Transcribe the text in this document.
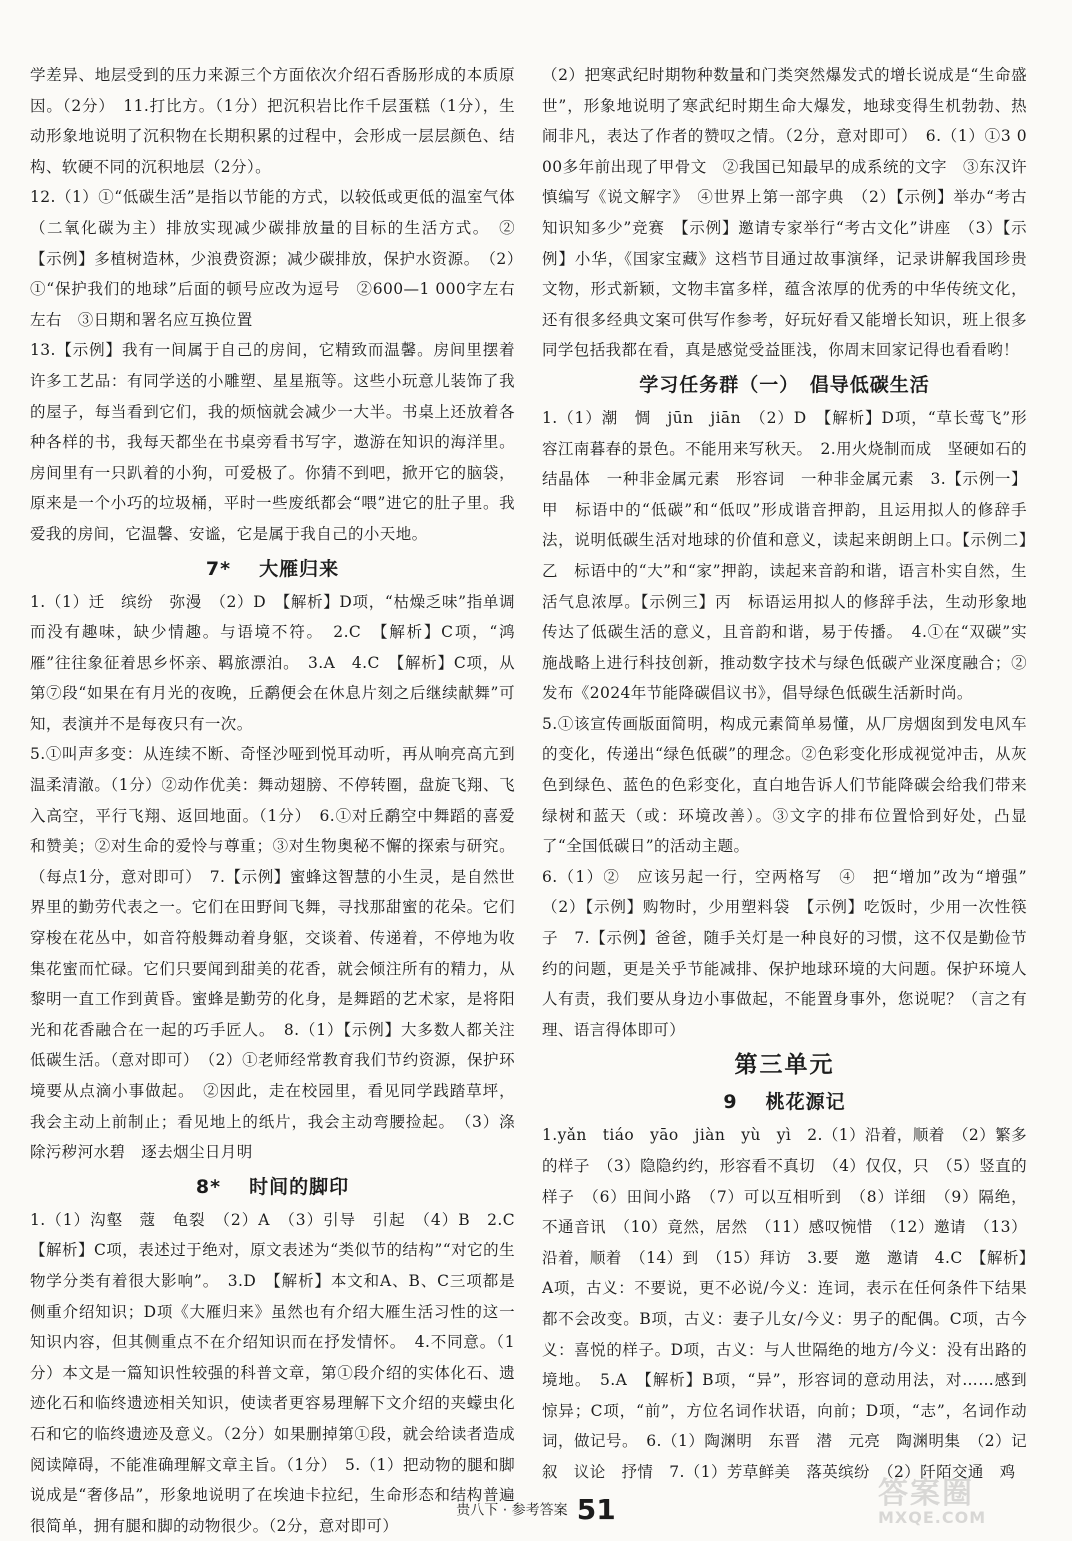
学差异、地层受到的压力来源三个方面依次介绍石香肠形成的本质原因。（2分）　11.打比方。（1分）把沉积岩比作千层蛋糕（1分），生动形象地说明了沉积物在长期积累的过程中，会形成一层层颜色、结构、软硬不同的沉积地层（2分）。

12.（1）①“低碳生活”是指以节能的方式，以较低或更低的温室气体（二氧化碳为主）排放实现减少碳排放量的目标的生活方式。　②【示例】多植树造林，少浪费资源；减少碳排放，保护水资源。　（2）①“保护我们的地球”后面的顿号应改为逗号　②600—1 000字左右　左右　③日期和署名应互换位置

13.【示例】我有一间属于自己的房间，它精致而温馨。房间里摆着许多工艺品：有同学送的小雕塑、星星瓶等。这些小玩意儿装饰了我的屋子，每当看到它们，我的烦恼就会减少一大半。书桌上还放着各种各样的书，我每天都坐在书桌旁看书写字，遨游在知识的海洋里。房间里有一只趴着的小狗，可爱极了。你猜不到吧，掀开它的脑袋，原来是一个小巧的垃圾桶，平时一些废纸都会“喂”进它的肚子里。我爱我的房间，它温馨、安谧，它是属于我自己的小天地。

7* 大雁归来

1.（1）迁　缤纷　弥漫　（2）D　【解析】D项，“枯燥乏味”指单调而没有趣味，缺少情趣。与语境不符。　2.C　【解析】C项，“鸿雁”往往象征着思乡怀亲、羁旅漂泊。　3.A　4.C　【解析】C项，从第⑦段“如果在有月光的夜晚，丘鹬便会在休息片刻之后继续献舞”可知，表演并不是每夜只有一次。

5.①叫声多变：从连续不断、奇怪沙哑到悦耳动听，再从响亮高亢到温柔清澈。（1分）②动作优美：舞动翅膀、不停转圈，盘旋飞翔、飞入高空，平行飞翔、返回地面。（1分）　6.①对丘鹬空中舞蹈的喜爱和赞美；②对生命的爱怜与尊重；③对生物奥秘不懈的探索与研究。（每点1分，意对即可）　7.【示例】蜜蜂这智慧的小生灵，是自然世界里的勤劳代表之一。它们在田野间飞舞，寻找那甜蜜的花朵。它们穿梭在花丛中，如音符般舞动着身躯，交谈着、传递着，不停地为收集花蜜而忙碌。它们只要闻到甜美的花香，就会倾注所有的精力，从黎明一直工作到黄昏。蜜蜂是勤劳的化身，是舞蹈的艺术家，是将阳光和花香融合在一起的巧手匠人。　8.（1）【示例】大多数人都关注低碳生活。（意对即可）　（2）①老师经常教育我们节约资源，保护环境要从点滴小事做起。　②因此，走在校园里，看见同学践踏草坪，我会主动上前制止；看见地上的纸片，我会主动弯腰捡起。　（3）涤除污秽河水碧　逐去烟尘日月明

8* 时间的脚印

1.（1）沟壑　蔻　龟裂　（2）A　（3）引导　引起　（4）B　2.C　【解析】C项，表述过于绝对，原文表述为“类似节的结构”“对它的生物学分类有着很大影响”。　3.D　【解析】本文和A、B、C三项都是侧重介绍知识；D项《大雁归来》虽然也有介绍大雁生活习性的这一知识内容，但其侧重点不在介绍知识而在抒发情怀。　4.不同意。（1分）本文是一篇知识性较强的科普文章，第①段介绍的实体化石、遗迹化石和临终遗迹相关知识，使读者更容易理解下文介绍的夹蠓虫化石和它的临终遗迹及意义。（2分）如果删掉第①段，就会给读者造成阅读障碍，不能准确理解文章主旨。（1分）　5.（1）把动物的腿和脚说成是“奢侈品”，形象地说明了在埃迪卡拉纪，生命形态和结构普遍很简单，拥有腿和脚的动物很少。（2分，意对即可）

（2）把寒武纪时期物种数量和门类突然爆发式的增长说成是“生命盛世”，形象地说明了寒武纪时期生命大爆发，地球变得生机勃勃、热闹非凡，表达了作者的赞叹之情。（2分，意对即可）　6.（1）①3 000多年前出现了甲骨文　②我国已知最早的成系统的文字　③东汉许慎编写《说文解字》　④世界上第一部字典　（2）【示例】举办“考古知识知多少”竞赛　【示例】邀请专家举行“考古文化”讲座　（3）【示例】小华，《国家宝藏》这档节目通过故事演绎，记录讲解我国珍贵文物，形式新颖，文物丰富多样，蕴含浓厚的优秀的中华传统文化，还有很多经典文案可供写作参考，好玩好看又能增长知识，班上很多同学包括我都在看，真是感觉受益匪浅，你周末回家记得也看看哟！

学习任务群（一）　倡导低碳生活

1.（1）潮　惆　jūn　jiān　（2）D　【解析】D项，“草长莺飞”形容江南暮春的景色。不能用来写秋天。　2.用火烧制而成　坚硬如石的结晶体　一种非金属元素　形容词　一种非金属元素　3.【示例一】甲　标语中的“低碳”和“低叹”形成谐音押韵，且运用拟人的修辞手法，说明低碳生活对地球的价值和意义，读起来朗朗上口。【示例二】乙　标语中的“大”和“家”押韵，读起来音韵和谐，语言朴实自然，生活气息浓厚。【示例三】丙　标语运用拟人的修辞手法，生动形象地传达了低碳生活的意义，且音韵和谐，易于传播。　4.①在“双碳”实施战略上进行科技创新，推动数字技术与绿色低碳产业深度融合；②发布《2024年节能降碳倡议书》，倡导绿色低碳生活新时尚。

5.①该宣传画版面简明，构成元素简单易懂，从厂房烟囱到发电风车的变化，传递出“绿色低碳”的理念。②色彩变化形成视觉冲击，从灰色到绿色、蓝色的色彩变化，直白地告诉人们节能降碳会给我们带来绿树和蓝天（或：环境改善）。③文字的排布位置恰到好处，凸显了“全国低碳日”的活动主题。

6.（1）②　应该另起一行，空两格写　④　把“增加”改为“增强”　（2）【示例】购物时，少用塑料袋　【示例】吃饭时，少用一次性筷子　7.【示例】爸爸，随手关灯是一种良好的习惯，这不仅是勤俭节约的问题，更是关乎节能减排、保护地球环境的大问题。保护环境人人有责，我们要从身边小事做起，不能置身事外，您说呢？（言之有理、语言得体即可）

第三单元
9 桃花源记

1.yǎn　tiáo　yāo　jiàn　yù　yì　2.（1）沿着，顺着　（2）繁多的样子　（3）隐隐约约，形容看不真切　（4）仅仅，只　（5）竖直的样子　（6）田间小路　（7）可以互相听到　（8）详细　（9）隔绝，不通音讯　（10）竟然，居然　（11）感叹惋惜　（12）邀请　（13）沿着，顺着　（14）到　（15）拜访　3.要　邀　邀请　4.C　【解析】A项，古义：不要说，更不必说/今义：连词，表示在任何条件下结果都不会改变。B项，古义：妻子儿女/今义：男子的配偶。C项，古今义：喜悦的样子。D项，古义：与人世隔绝的地方/今义：没有出路的境地。　5.A　【解析】B项，“异”，形容词的意动用法，对……感到惊异；C项，“前”，方位名词作状语，向前；D项，“志”，名词作动词，做记号。　6.（1）陶渊明　东晋　潜　元亮　陶渊明集　（2）记叙　议论　抒情　7.（1）芳草鲜美　落英缤纷　（2）阡陌交通　鸡

贵八下 · 参考答案 51	答案圈
MXQE.COM
